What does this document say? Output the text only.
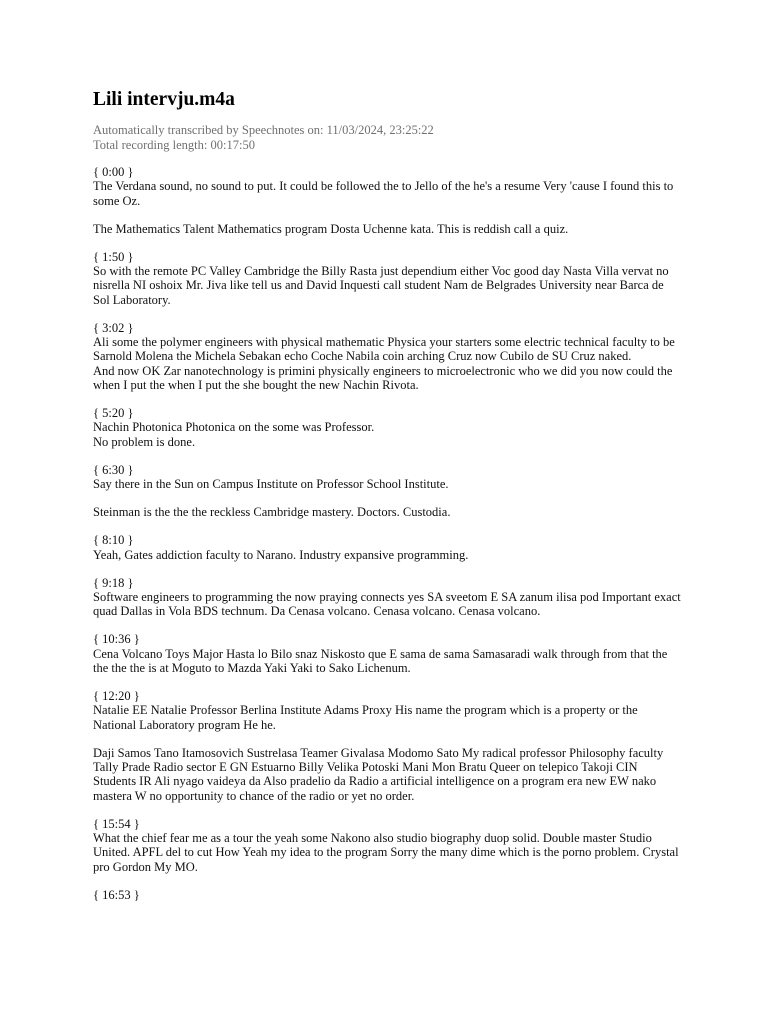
Lili intervju.m4a
Automatically transcribed by Speechnotes on: 11/03/2024, 23:25:22
Total recording length: 00:17:50
{ 0:00 }

The Verdana sound, no sound to put. It could be followed the to Jello of the he's a resume Very 'cause I found this to some Oz.

The Mathematics Talent Mathematics program Dosta Uchenne kata. This is reddish call a quiz.

{ 1:50 }

So with the remote PC Valley Cambridge the Billy Rasta just dependium either Voc good day Nasta Villa vervat no nisrella NI oshoix Mr. Jiva like tell us and David Inquesti call student Nam de Belgrades University near Barca de Sol Laboratory.

{ 3:02 }

Ali some the polymer engineers with physical mathematic Physica your starters some electric technical faculty to be Sarnold Molena the Michela Sebakan echo Coche Nabila coin arching Cruz now Cubilo de SU Cruz naked.

And now OK Zar nanotechnology is primini physically engineers to microelectronic who we did you now could the when I put the when I put the she bought the new Nachin Rivota.

{ 5:20 }

Nachin Photonica Photonica on the some was Professor.

No problem is done.

{ 6:30 }

Say there in the Sun on Campus Institute on Professor School Institute.

Steinman is the the the reckless Cambridge mastery. Doctors. Custodia.

{ 8:10 }

Yeah, Gates addiction faculty to Narano. Industry expansive programming.

{ 9:18 }

Software engineers to programming the now praying connects yes SA sveetom E SA zanum ilisa pod Important exact quad Dallas in Vola BDS technum. Da Cenasa volcano. Cenasa volcano. Cenasa volcano.

{ 10:36 }

Cena Volcano Toys Major Hasta lo Bilo snaz Niskosto que E sama de sama Samasaradi walk through from that the the the the is at Moguto to Mazda Yaki Yaki to Sako Lichenum.

{ 12:20 }

Natalie EE Natalie Professor Berlina Institute Adams Proxy His name the program which is a property or the National Laboratory program He he.

Daji Samos Tano Itamosovich Sustrelasa Teamer Givalasa Modomo Sato My radical professor Philosophy faculty Tally Prade Radio sector E GN Estuarno Billy Velika Potoski Mani Mon Bratu Queer on telepico Takoji CIN Students IR Ali nyago vaideya da Also pradelio da Radio a artificial intelligence on a program era new EW nako mastera W no opportunity to chance of the radio or yet no order.

{ 15:54 }

What the chief fear me as a tour the yeah some Nakono also studio biography duop solid. Double master Studio United. APFL del to cut How Yeah my idea to the program Sorry the many dime which is the porno problem. Crystal pro Gordon My MO.

{ 16:53 }
